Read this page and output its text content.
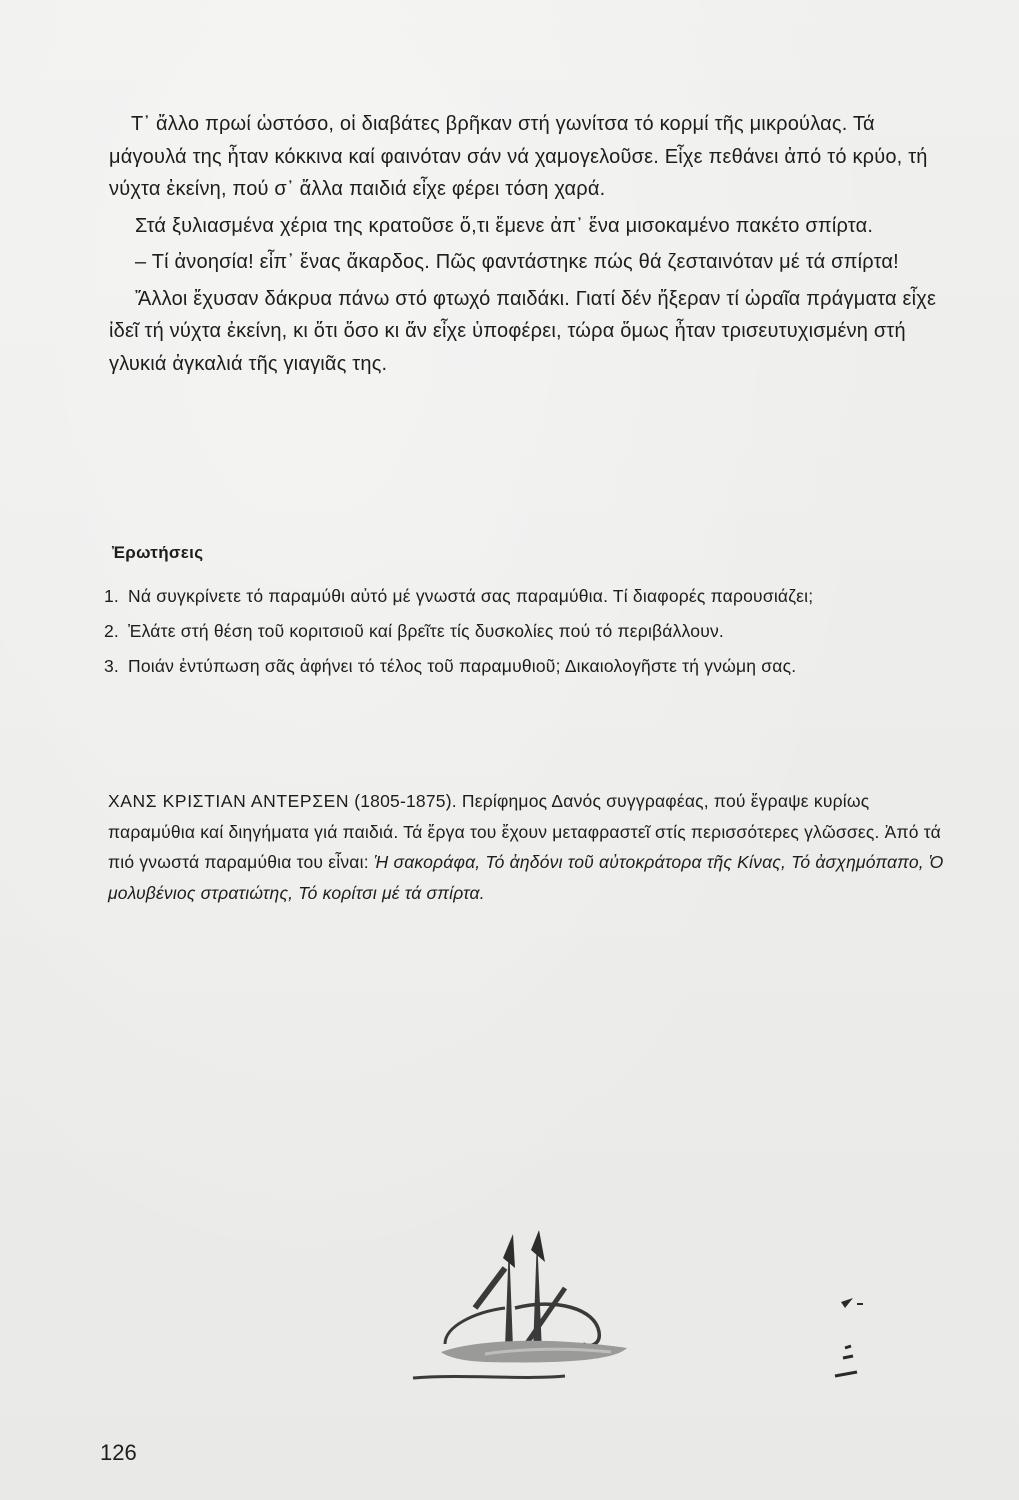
Τ᾽ ἄλλο πρωί ὡστόσο, οἱ διαβάτες βρῆκαν στή γωνίτσα τό κορμί τῆς μικρούλας. Τά μάγουλά της ἦταν κόκκινα καί φαινόταν σάν νά χαμογελοῦσε. Εἶχε πεθάνει ἀπό τό κρύο, τή νύχτα ἐκείνη, πού σ᾽ ἄλλα παιδιά εἶχε φέρει τόση χαρά.

Στά ξυλιασμένα χέρια της κρατοῦσε ὅ,τι ἔμενε ἀπ᾽ ἕνα μισοκαμένο πακέτο σπίρτα.

– Τί ἀνοησία! εἶπ᾽ ἕνας ἄκαρδος. Πῶς φαντάστηκε πώς θά ζεσταινόταν μέ τά σπίρτα!

Ἄλλοι ἔχυσαν δάκρυα πάνω στό φτωχό παιδάκι. Γιατί δέν ἤξεραν τί ὡραῖα πράγματα εἶχε ἰδεῖ τή νύχτα ἐκείνη, κι ὅτι ὅσο κι ἄν εἶχε ὑποφέρει, τώρα ὅμως ἦταν τρισευτυχισμένη στή γλυκιά ἀγκαλιά τῆς γιαγιᾶς της.

Ἐρωτήσεις
1. Νά συγκρίνετε τό παραμύθι αὐτό μέ γνωστά σας παραμύθια. Τί διαφορές παρουσιάζει;
2. Ἐλάτε στή θέση τοῦ κοριτσιοῦ καί βρεῖτε τίς δυσκολίες πού τό περιβάλλουν.
3. Ποιάν ἐντύπωση σᾶς ἀφήνει τό τέλος τοῦ παραμυθιοῦ; Δικαιολογῆστε τή γνώμη σας.
ΧΑΝΣ ΚΡΙΣΤΙΑΝ ΑΝΤΕΡΣΕΝ (1805-1875). Περίφημος Δανός συγγραφέας, πού ἔγραψε κυρίως παραμύθια καί διηγήματα γιά παιδιά. Τά ἔργα του ἔχουν μεταφραστεῖ στίς περισσότερες γλῶσσες. Ἀπό τά πιό γνωστά παραμύθια του εἶναι: Ἡ σακοράφα, Τό ἀηδόνι τοῦ αὐτοκράτορα τῆς Κίνας, Τό ἀσχημόπαπο, Ὁ μολυβένιος στρατιώτης, Τό κορίτσι μέ τά σπίρτα.
126
